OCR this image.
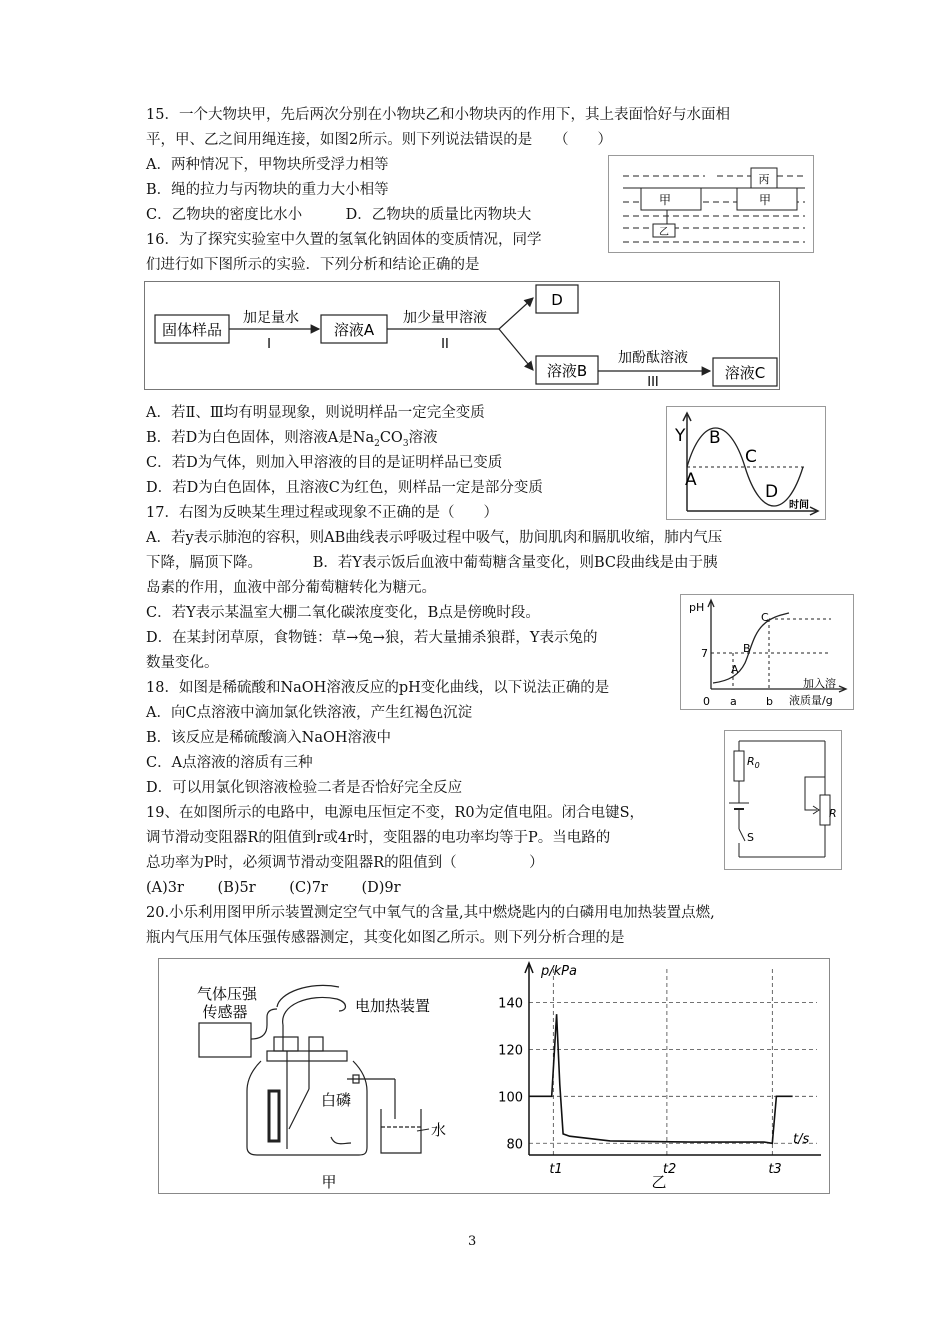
15．一个大物块甲，先后两次分别在小物块乙和小物块丙的作用下，其上表面恰好与水面相
平，甲、乙之间用绳连接，如图2所示。则下列说法错误的是　　（　　）
A．两种情况下，甲物块所受浮力相等
B．绳的拉力与丙物块的重力大小相等
C．乙物块的密度比水小　　　D．乙物块的质量比丙物块大
甲	甲
乙
丙
16．为了探究实验室中久置的氢氧化钠固体的变质情况，同学
们进行如下图所示的实验．下列分析和结论正确的是
固体样品
加足量水
I
溶液A
加少量甲溶液
II
D
溶液B
加酚酞溶液
III
溶液C
A．若Ⅱ、Ⅲ均有明显现象，则说明样品一定完全变质
B．若D为白色固体，则溶液A是$Na_2CO_3$溶液
C．若D为气体，则加入甲溶液的目的是证明样品已变质
D．若D为白色固体，且溶液C为红色，则样品一定是部分变质
Y
A
B
C
D
时间
17．右图为反映某生理过程或现象不正确的是（　　）
A．若y表示肺泡的容积，则AB曲线表示呼吸过程中吸气，肋间肌肉和膈肌收缩，肺内气压
下降，膈顶下降。　　　　B．若Y表示饭后血液中葡萄糖含量变化，则BC段曲线是由于胰
岛素的作用，血液中部分葡萄糖转化为糖元。
C．若Y表示某温室大棚二氧化碳浓度变化，B点是傍晚时段。
D．在某封闭草原，食物链：草→兔→狼，若大量捕杀狼群，Y表示兔的
数量变化。
pH
7
0 a	b
A
B
C
加入溶
液质量/g
18．如图是稀硫酸和NaOH溶液反应的pH变化曲线，以下说法正确的是
A．向C点溶液中滴加氯化铁溶液，产生红褐色沉淀
B．该反应是稀硫酸滴入NaOH溶液中
C．A点溶液的溶质有三种
D．可以用氯化钡溶液检验二者是否恰好完全反应
$R_0$
R
S
19、在如图所示的电路中，电源电压恒定不变，R0为定值电阻。闭合电键S，
调节滑动变阻器R的阻值到r或4r时，变阻器的电功率均等于P。当电路的
总功率为P时，必须调节滑动变阻器R的阻值到（　　　　　）
(A)3r　　 (B)5r　　 (C)7r　　 (D)9r
20.小乐利用图甲所示装置测定空气中氧气的含量,其中燃烧匙内的白磷用电加热装置点燃,
瓶内气压用气体压强传感器测定，其变化如图乙所示。则下列分析合理的是
气体压强
传感器	电加热装置
白磷
水
甲
80
100
120
140
t1	t2	t3
p/kPa
t/s
乙
3
